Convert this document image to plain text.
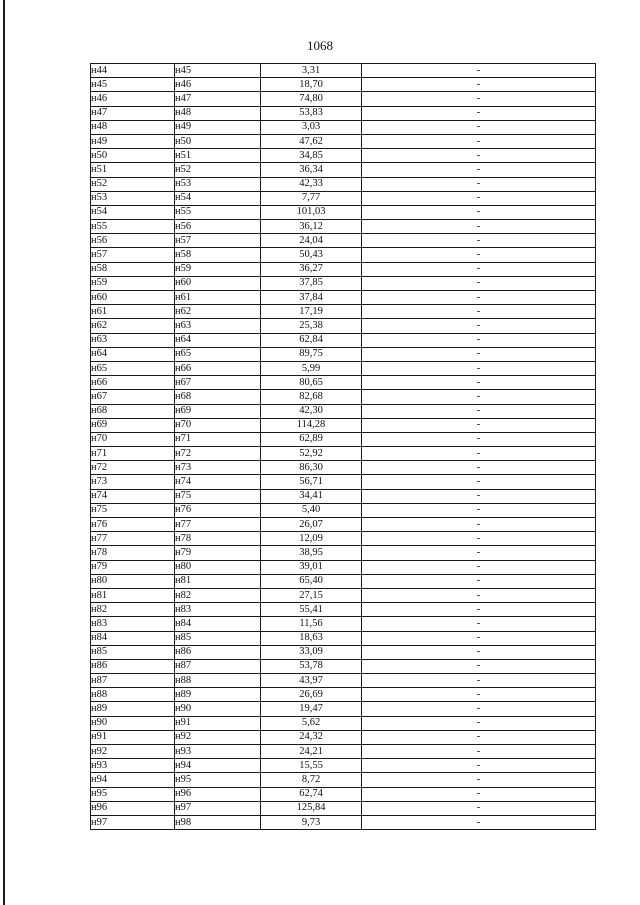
1068
н44	н45	3,31	-
н45	н46	18,70	-
н46	н47	74,80	-
н47	н48	53,83	-
н48	н49	3,03	-
н49	н50	47,62	-
н50	н51	34,85	-
н51	н52	36,34	-
н52	н53	42,33	-
н53	н54	7,77	-
н54	н55	101,03	-
н55	н56	36,12	-
н56	н57	24,04	-
н57	н58	50,43	-
н58	н59	36,27	-
н59	н60	37,85	-
н60	н61	37,84	-
н61	н62	17,19	-
н62	н63	25,38	-
н63	н64	62,84	-
н64	н65	89,75	-
н65	н66	5,99	-
н66	н67	80,65	-
н67	н68	82,68	-
н68	н69	42,30	-
н69	н70	114,28	-
н70	н71	62,89	-
н71	н72	52,92	-
н72	н73	86,30	-
н73	н74	56,71	-
н74	н75	34,41	-
н75	н76	5,40	-
н76	н77	26,07	-
н77	н78	12,09	-
н78	н79	38,95	-
н79	н80	39,01	-
н80	н81	65,40	-
н81	н82	27,15	-
н82	н83	55,41	-
н83	н84	11,56	-
н84	н85	18,63	-
н85	н86	33,09	-
н86	н87	53,78	-
н87	н88	43,97	-
н88	н89	26,69	-
н89	н90	19,47	-
н90	н91	5,62	-
н91	н92	24,32	-
н92	н93	24,21	-
н93	н94	15,55	-
н94	н95	8,72	-
н95	н96	62,74	-
н96	н97	125,84	-
н97	н98	9,73	-
